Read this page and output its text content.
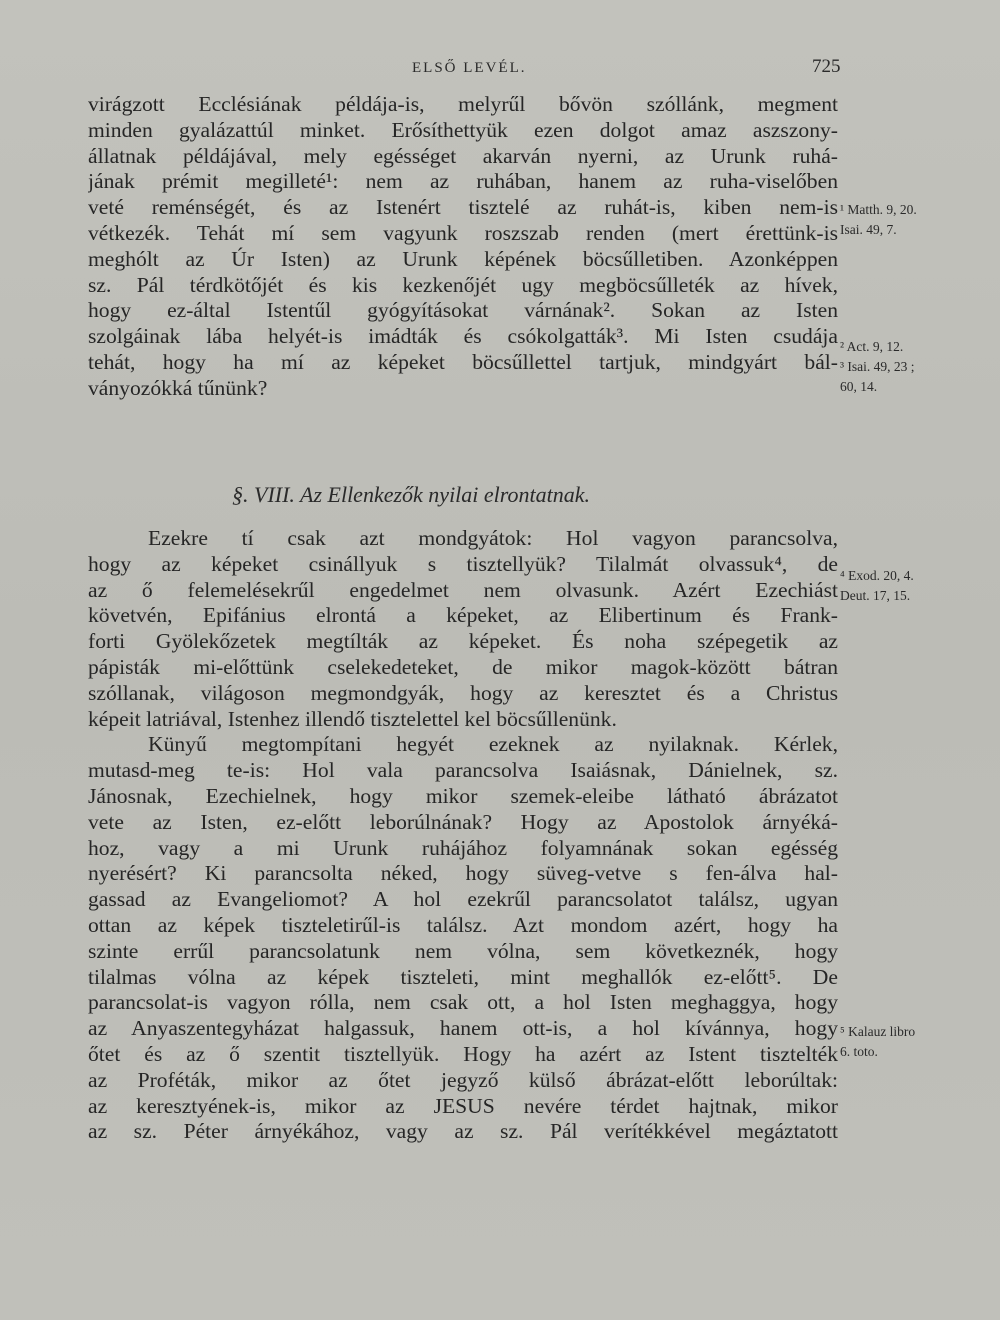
ELSŐ LEVÉL.	725
virágzott Ecclésiának példája-is, melyrűl bővön szóllánk, megment
minden gyalázattúl minket. Erősíthettyük ezen dolgot amaz aszszony-
állatnak példájával, mely egésséget akarván nyerni, az Urunk ruhá-
jának prémit megilleté¹: nem az ruhában, hanem az ruha-viselőben
veté reménségét, és az Istenért tisztelé az ruhát-is, kiben nem-is
vétkezék. Tehát mí sem vagyunk roszszab renden (mert érettünk-is
meghólt az Úr Isten) az Urunk képének böcsűlletiben. Azonképpen
sz. Pál térdkötőjét és kis kezkenőjét ugy megböcsűlleték az hívek,
hogy ez-által Istentűl gyógyításokat várnának². Sokan az Isten
szolgáinak lába helyét-is imádták és csókolgatták³. Mi Isten csudája
tehát, hogy ha mí az képeket böcsűllettel tartjuk, mindgyárt bál-
ványozókká tűnünk?
§. VIII. Az Ellenkezők nyilai elrontatnak.
Ezekre tí csak azt mondgyátok: Hol vagyon parancsolva,
hogy az képeket csinállyuk s tisztellyük? Tilalmát olvassuk⁴, de
az ő felemelésekrűl engedelmet nem olvasunk. Azért Ezechiást
követvén, Epifánius elrontá a képeket, az Elibertinum és Frank-
forti Gyölekőzetek megtílták az képeket. És noha szépegetik az
pápisták mi-előttünk cselekedeteket, de mikor magok-között bátran
szóllanak, világoson megmondgyák, hogy az keresztet és a Christus
képeit latriával, Istenhez illendő tisztelettel kel böcsűllenünk.
Künyű megtompítani hegyét ezeknek az nyilaknak. Kérlek,
mutasd-meg te-is: Hol vala parancsolva Isaiásnak, Dánielnek, sz.
Jánosnak, Ezechielnek, hogy mikor szemek-eleibe látható ábrázatot
vete az Isten, ez-előtt leborúlnának? Hogy az Apostolok árnyéká-
hoz, vagy a mi Urunk ruhájához folyamnának sokan egésség
nyerésért? Ki parancsolta néked, hogy süveg-vetve s fen-álva hal-
gassad az Evangeliomot? A hol ezekrűl parancsolatot találsz, ugyan
ottan az képek tiszteletirűl-is találsz. Azt mondom azért, hogy ha
szinte errűl parancsolatunk nem vólna, sem következnék, hogy
tilalmas vólna az képek tiszteleti, mint meghallók ez-előtt⁵. De
parancsolat-is vagyon rólla, nem csak ott, a hol Isten meghaggya, hogy
az Anyaszentegyházat halgassuk, hanem ott-is, a hol kívánnya, hogy
őtet és az ő szentit tisztellyük. Hogy ha azért az Istent tisztelték
az Proféták, mikor az őtet jegyző külső ábrázat-előtt leborúltak:
az keresztyének-is, mikor az JESUS nevére térdet hajtnak, mikor
az sz. Péter árnyékához, vagy az sz. Pál verítékkével megáztatott
¹ Matth. 9, 20.
Isai. 49, 7.
² Act. 9, 12.
³ Isai. 49, 23 ;
60, 14.
⁴ Exod. 20, 4.
Deut. 17, 15.
⁵ Kalauz libro
6. toto.
